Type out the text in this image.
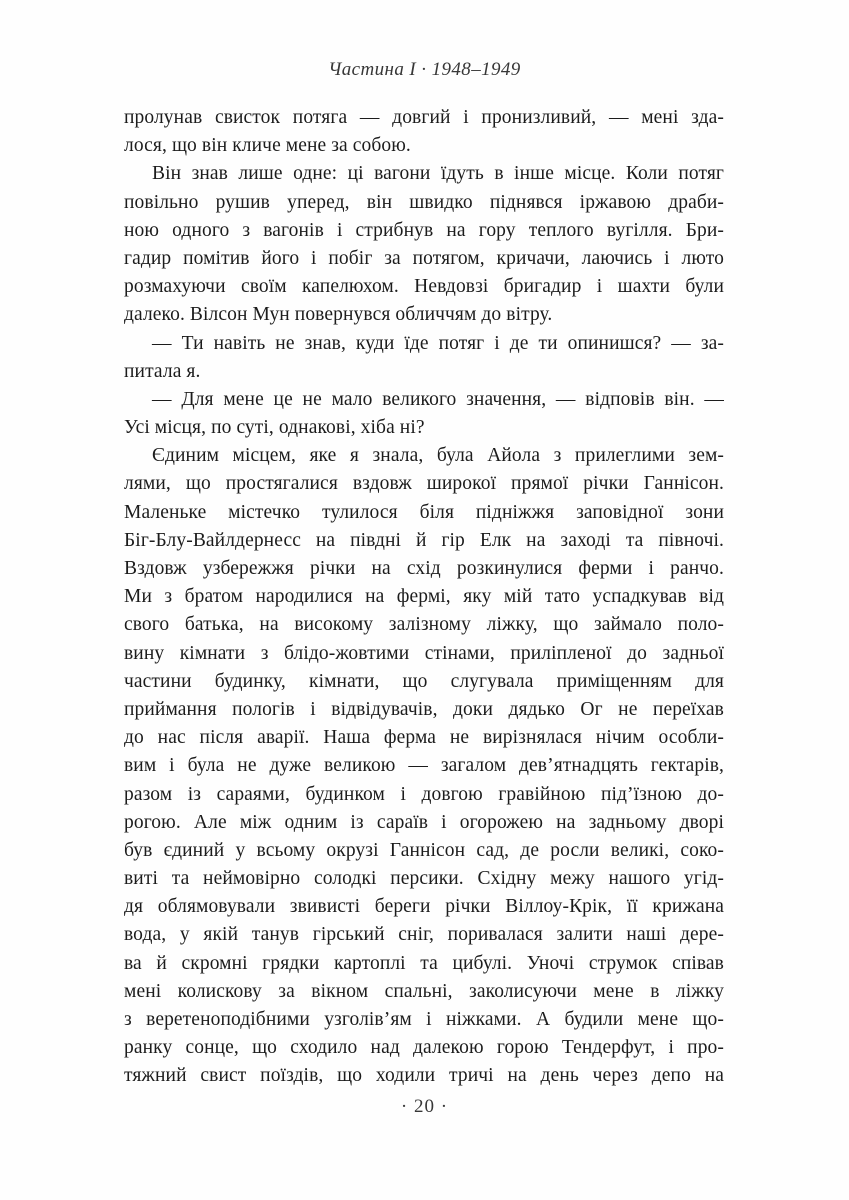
Частина I · 1948–1949
пролунав свисток потяга — довгий і пронизливий, — мені зда-
лося, що він кличе мене за собою.
Він знав лише одне: ці вагони їдуть в інше місце. Коли потяг
повільно рушив уперед, він швидко піднявся іржавою драби-
ною одного з вагонів і стрибнув на гору теплого вугілля. Бри-
гадир помітив його і побіг за потягом, кричачи, лаючись і люто
розмахуючи своїм капелюхом. Невдовзі бригадир і шахти були
далеко. Вілсон Мун повернувся обличчям до вітру.
— Ти навіть не знав, куди їде потяг і де ти опинишся? — за-
питала я.
— Для мене це не мало великого значення, — відповів він. —
Усі місця, по суті, однакові, хіба ні?
Єдиним місцем, яке я знала, була Айола з прилеглими зем-
лями, що простягалися вздовж широкої прямої річки Ганнісон.
Маленьке містечко тулилося біля підніжжя заповідної зони
Біг-Блу-Вайлдернесс на півдні й гір Елк на заході та півночі.
Вздовж узбережжя річки на схід розкинулися ферми і ранчо.
Ми з братом народилися на фермі, яку мій тато успадкував від
свого батька, на високому залізному ліжку, що займало поло-
вину кімнати з блідо-жовтими стінами, приліпленої до задньої
частини будинку, кімнати, що слугувала приміщенням для
приймання пологів і відвідувачів, доки дядько Ог не переїхав
до нас після аварії. Наша ферма не вирізнялася нічим особли-
вим і була не дуже великою — загалом дев’ятнадцять гектарів,
разом із сараями, будинком і довгою гравійною під’їзною до-
рогою. Але між одним із сараїв і огорожею на задньому дворі
був єдиний у всьому окрузі Ганнісон сад, де росли великі, соко-
виті та неймовірно солодкі персики. Східну межу нашого угід-
дя облямовували звивисті береги річки Віллоу-Крік, її крижана
вода, у якій танув гірський сніг, поривалася залити наші дере-
ва й скромні грядки картоплі та цибулі. Уночі струмок співав
мені колискову за вікном спальні, заколисуючи мене в ліжку
з веретеноподібними узголів’ям і ніжками. А будили мене що-
ранку сонце, що сходило над далекою горою Тендерфут, і про-
тяжний свист поїздів, що ходили тричі на день через депо на
· 20 ·
